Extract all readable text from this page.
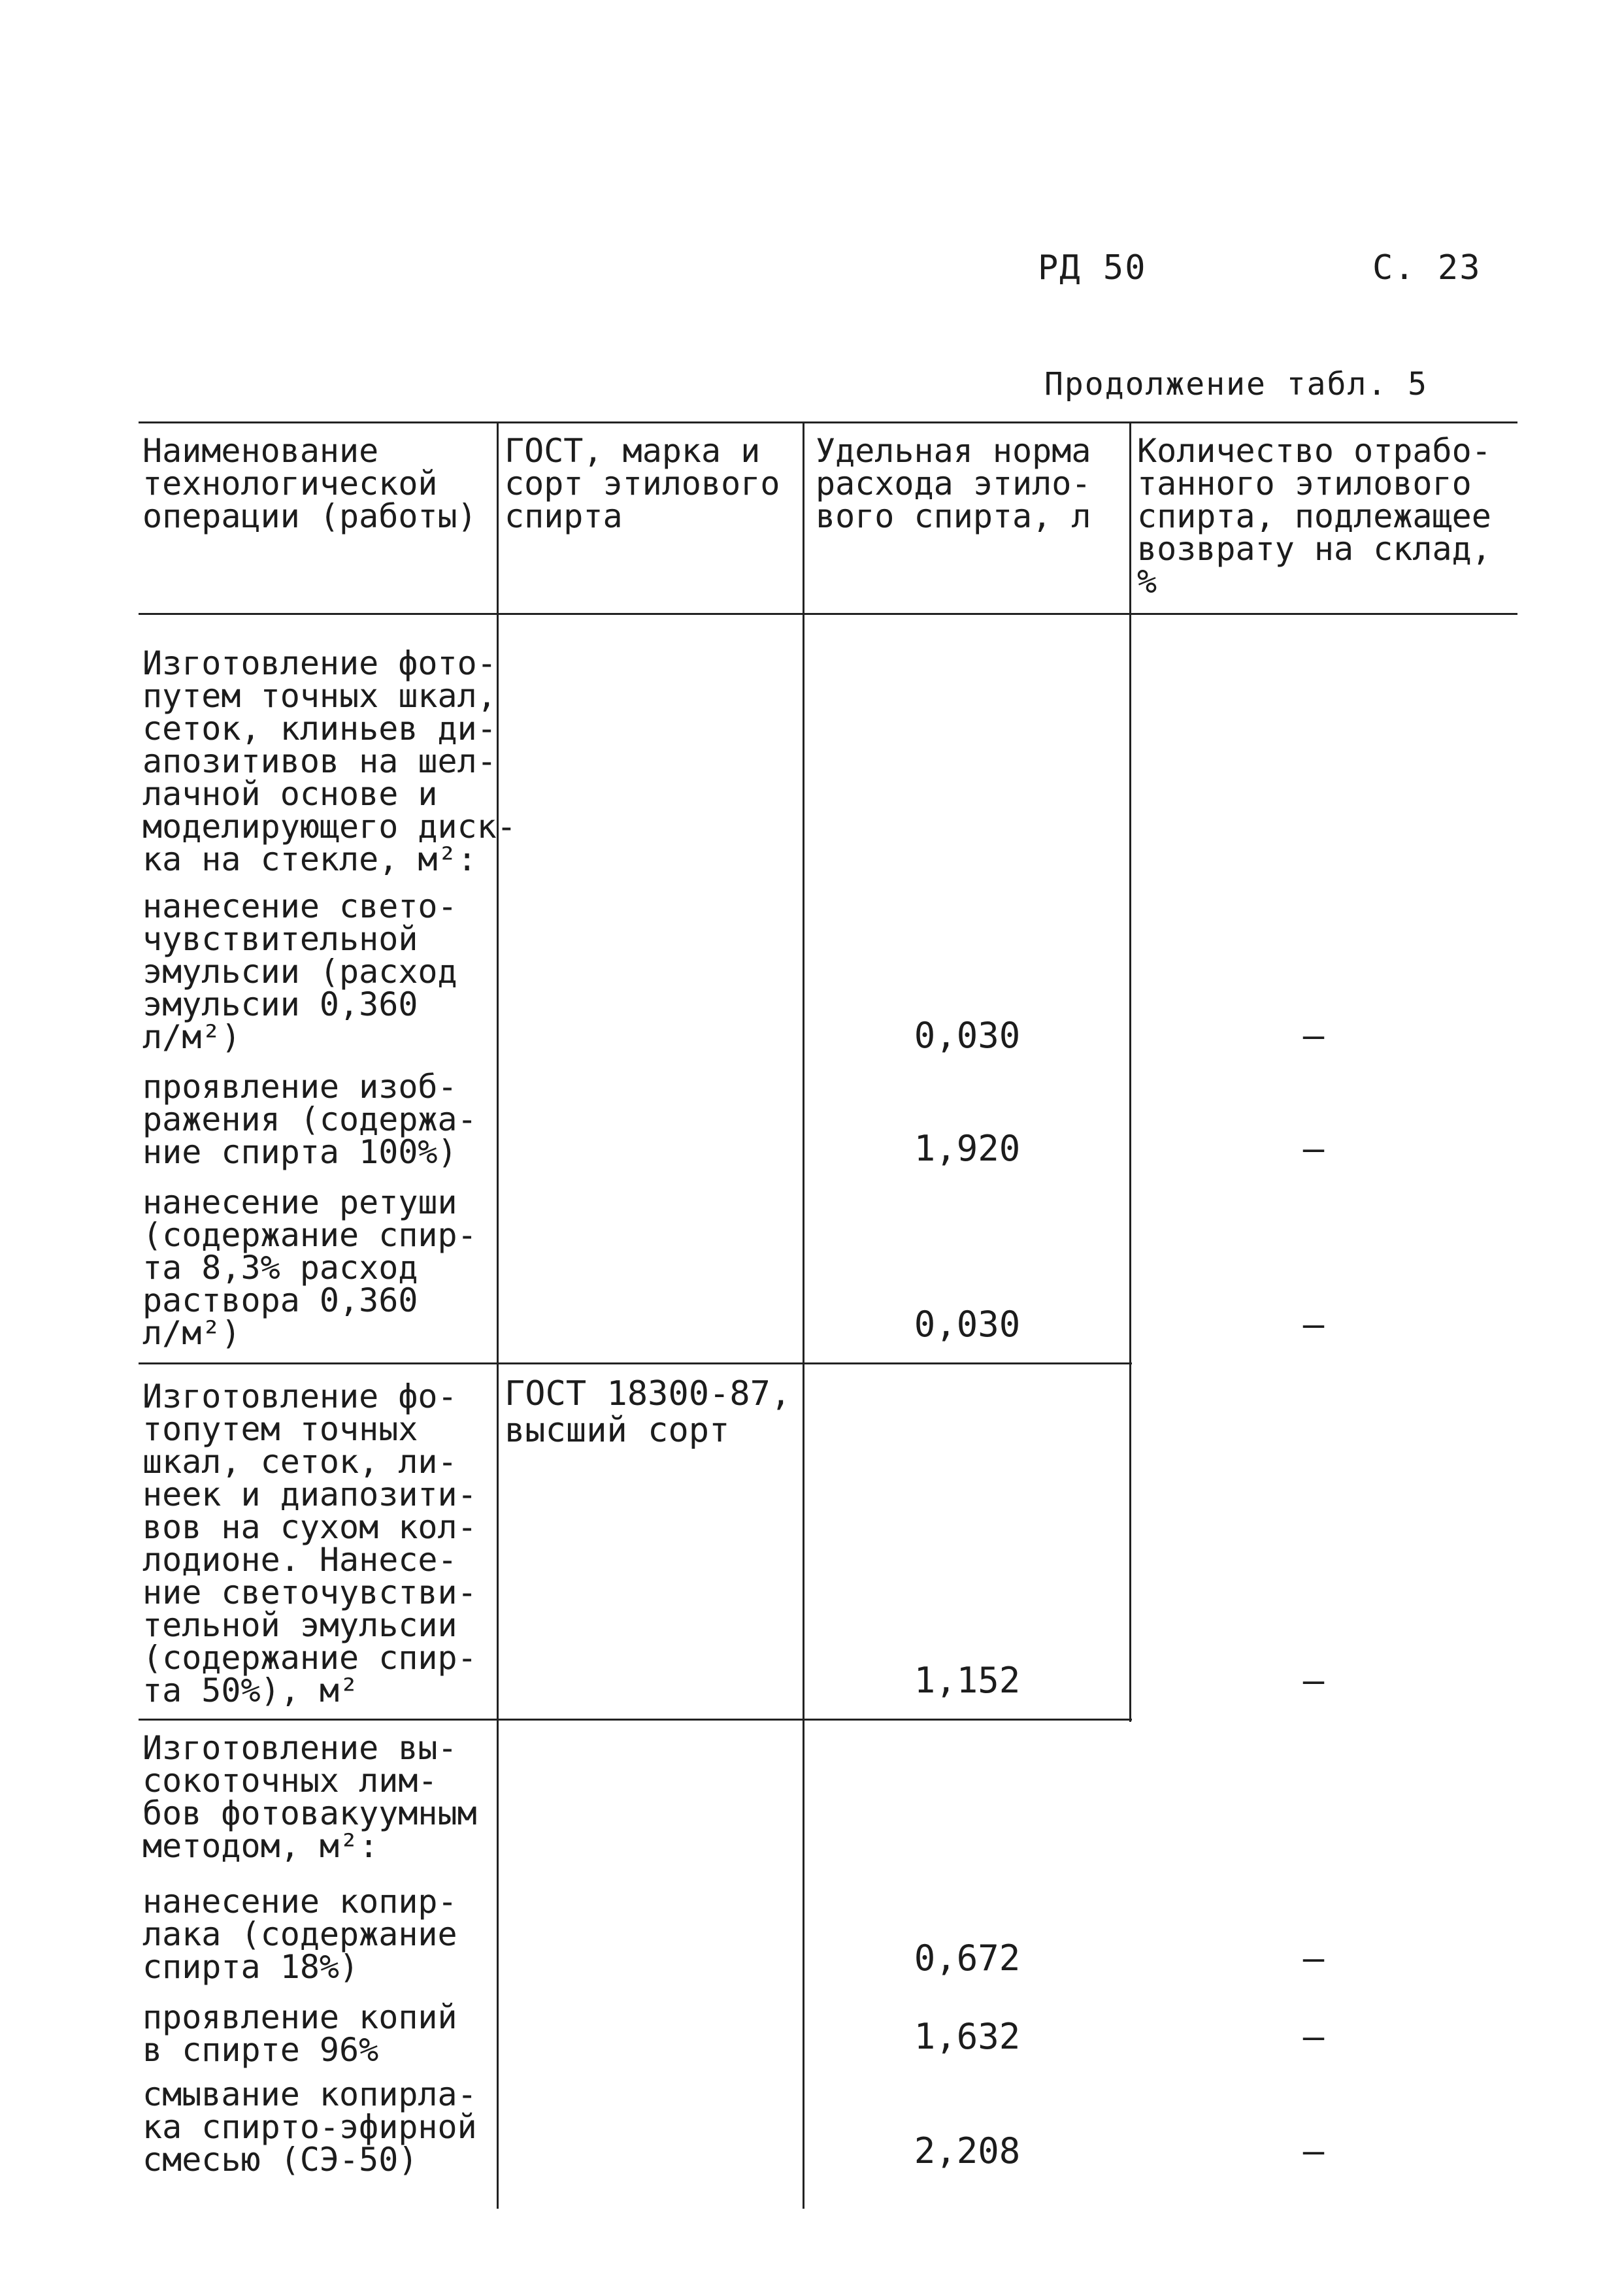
РД 50	С. 23
Продолжение табл. 5
Наименование
технологической
операции (работы)
ГОСТ, марка и
сорт этилового
спирта
Удельная норма
расхода этило-
вого спирта, л
Количество отрабо-
танного этилового
спирта, подлежащее
возврату на склад,
%
ГОСТ 18300-87,
высший сорт
Изготовление фото-
путем точных шкал,
сеток, клиньев ди-
апозитивов на шел-
лачной основе и
моделирующего диск-
ка на стекле, м²:
нанесение свето-
чувствительной
эмульсии (расход
эмульсии 0,360
л/м²)
проявление изоб-
ражения (содержа-
ние спирта 100%)
нанесение ретуши
(содержание спир-
та 8,3% расход
раствора 0,360
л/м²)
Изготовление фо-
топутем точных
шкал, сеток, ли-
неек и диапозити-
вов на сухом кол-
лодионе. Нанесе-
ние светочувстви-
тельной эмульсии
(содержание спир-
та 50%), м²
Изготовление вы-
сокоточных лим-
бов фотовакуумным
методом, м²:
нанесение копир-
лака (содержание
спирта 18%)
проявление копий
в спирте 96%
смывание копирла-
ка спирто-эфирной
смесью (СЭ-50)
0,030
1,920
0,030
1,152
0,672
1,632
2,208
—
—
—
—
—
—
—
